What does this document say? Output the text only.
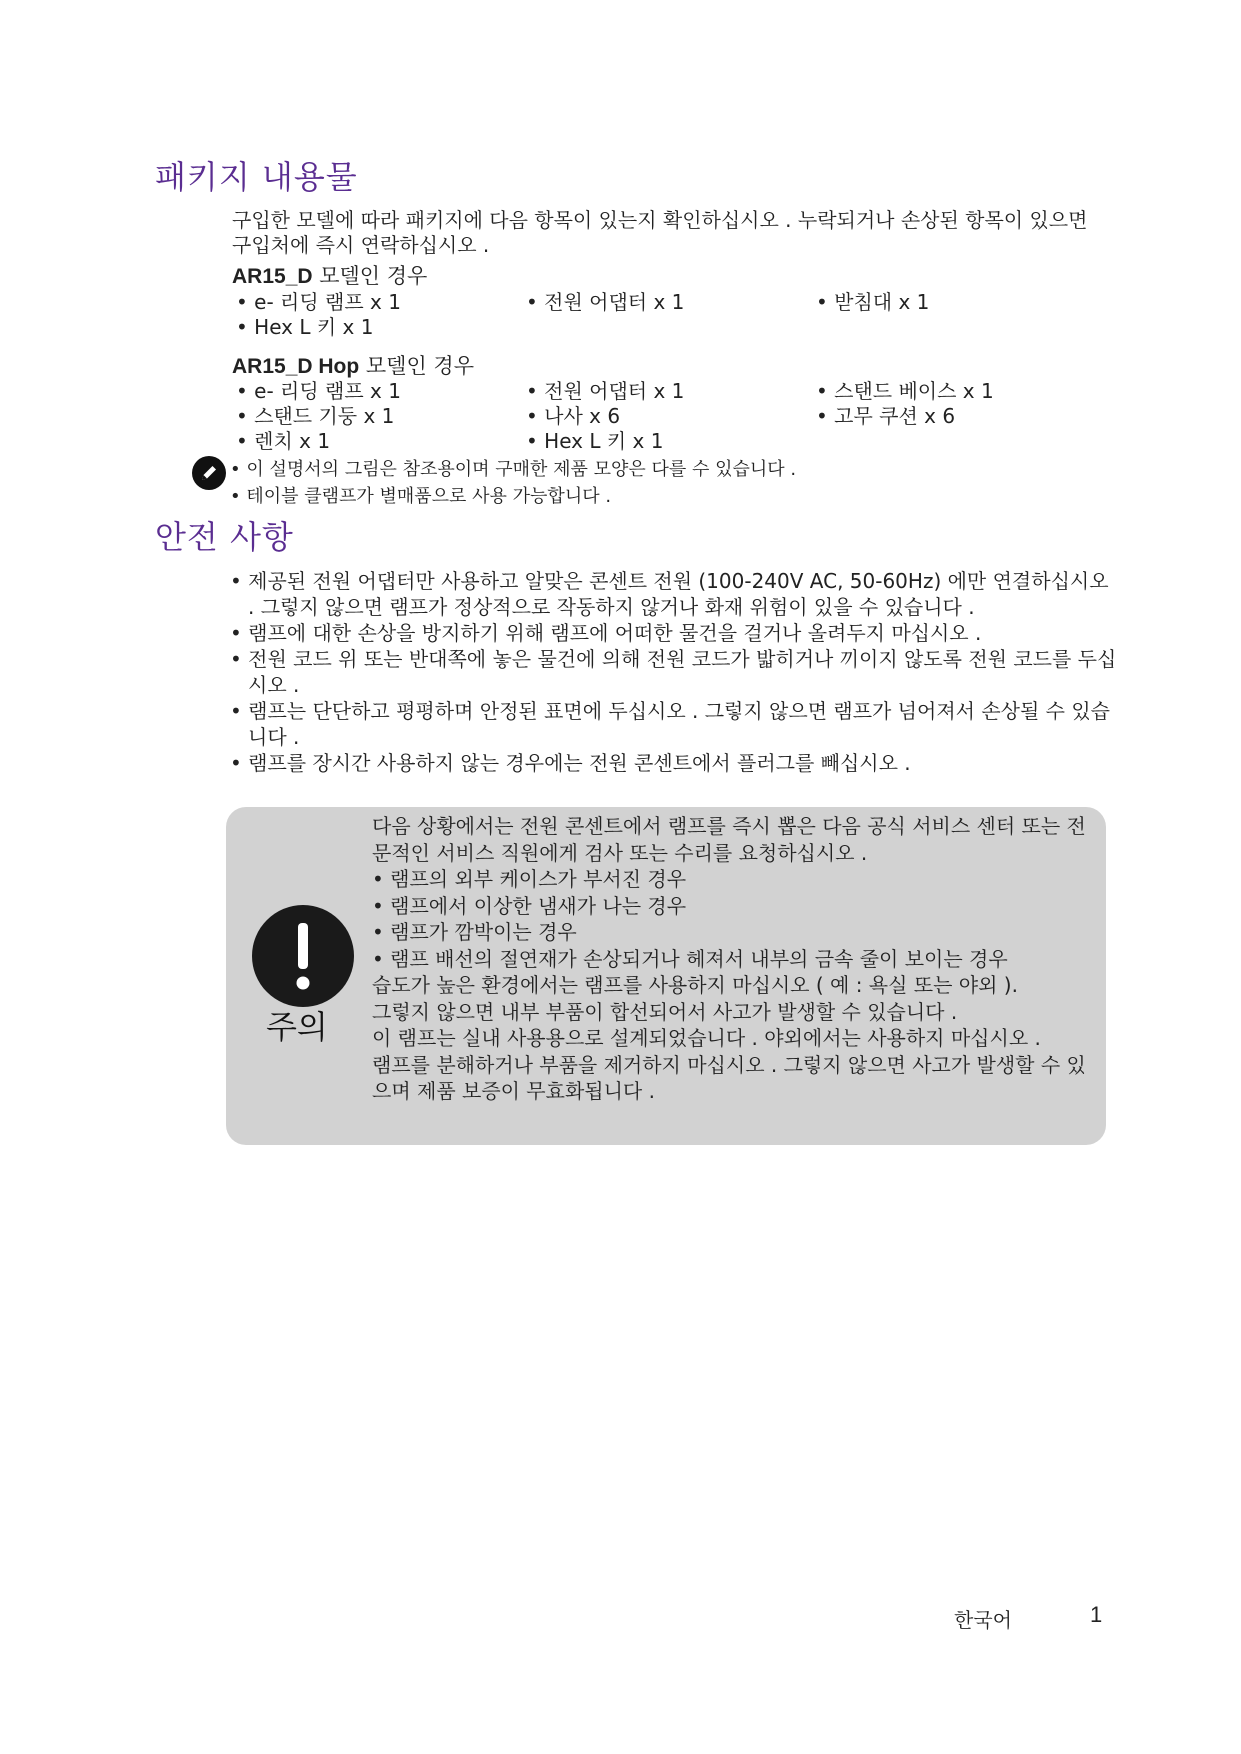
패키지 내용물
구입한 모델에 따라 패키지에 다음 항목이 있는지 확인하십시오 . 누락되거나 손상된 항목이 있으면 구입처에 즉시 연락하십시오 .
AR15_D 모델인 경우
• e- 리딩 램프 x 1	• 전원 어댑터 x 1	• 받침대 x 1
• Hex L 키 x 1
AR15_D Hop 모델인 경우
• e- 리딩 램프 x 1	• 전원 어댑터 x 1	• 스탠드 베이스 x 1
• 스탠드 기둥 x 1	• 나사 x 6	• 고무 쿠션 x 6
• 렌치 x 1	• Hex L 키 x 1
• 이 설명서의 그림은 참조용이며 구매한 제품 모양은 다를 수 있습니다 .
• 테이블 클램프가 별매품으로 사용 가능합니다 .
안전 사항
• 제공된 전원 어댑터만 사용하고 알맞은 콘센트 전원 (100-240V AC, 50-60Hz) 에만 연결하십시오 . 그렇지 않으면 램프가 정상적으로 작동하지 않거나 화재 위험이 있을 수 있습니다 .
• 램프에 대한 손상을 방지하기 위해 램프에 어떠한 물건을 걸거나 올려두지 마십시오 .
• 전원 코드 위 또는 반대쪽에 놓은 물건에 의해 전원 코드가 밟히거나 끼이지 않도록 전원 코드를 두십시오 .
• 램프는 단단하고 평평하며 안정된 표면에 두십시오 . 그렇지 않으면 램프가 넘어져서 손상될 수 있습니다 .
• 램프를 장시간 사용하지 않는 경우에는 전원 콘센트에서 플러그를 빼십시오 .
주의
다음 상황에서는 전원 콘센트에서 램프를 즉시 뽑은 다음 공식 서비스 센터 또는 전문적인 서비스 직원에게 검사 또는 수리를 요청하십시오 .
• 램프의 외부 케이스가 부서진 경우
• 램프에서 이상한 냄새가 나는 경우
• 램프가 깜박이는 경우
• 램프 배선의 절연재가 손상되거나 헤져서 내부의 금속 줄이 보이는 경우
습도가 높은 환경에서는 램프를 사용하지 마십시오 ( 예 : 욕실 또는 야외 ).
그렇지 않으면 내부 부품이 합선되어서 사고가 발생할 수 있습니다 .
이 램프는 실내 사용용으로 설계되었습니다 . 야외에서는 사용하지 마십시오 .
램프를 분해하거나 부품을 제거하지 마십시오 . 그렇지 않으면 사고가 발생할 수 있으며 제품 보증이 무효화됩니다 .
한국어	1
